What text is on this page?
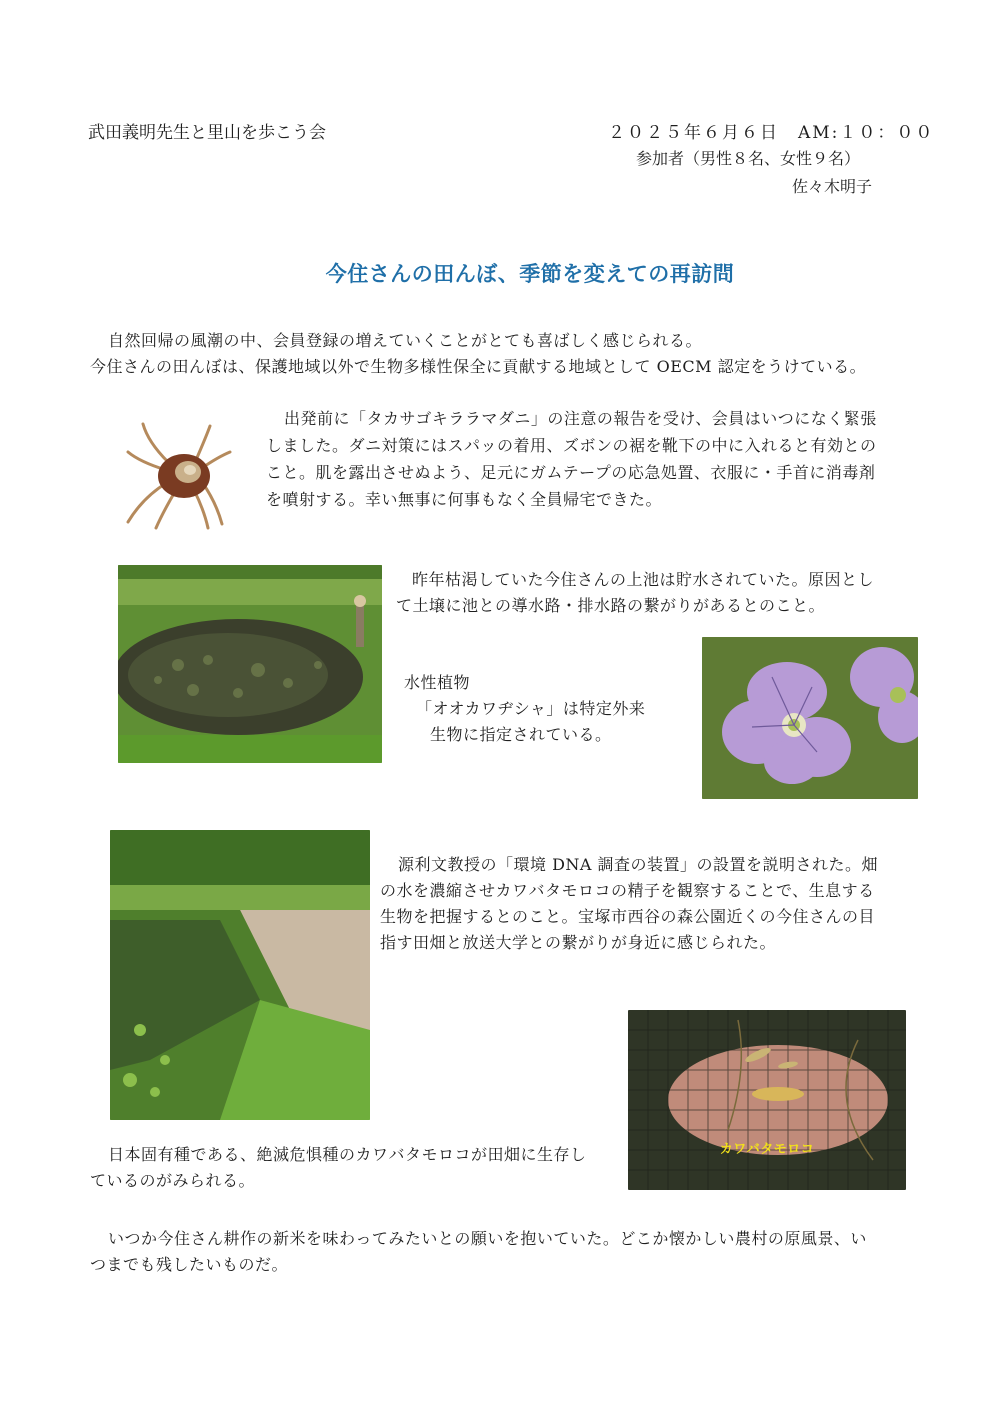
武田義明先生と里山を歩こう会	２０２５年６月６日　AM:１０：００
参加者（男性８名、女性９名）
佐々木明子
今住さんの田んぼ、季節を変えての再訪問
自然回帰の風潮の中、会員登録の増えていくことがとても喜ばしく感じられる。
今住さんの田んぼは、保護地域以外で生物多様性保全に貢献する地域として OECM 認定をうけている。
出発前に「タカサゴキララマダニ」の注意の報告を受け、会員はいつになく緊張
しました。ダニ対策にはスパッの着用、ズボンの裾を靴下の中に入れると有効との
こと。肌を露出させぬよう、足元にガムテープの応急処置、衣服に・手首に消毒剤
を噴射する。幸い無事に何事もなく全員帰宅できた。
昨年枯渇していた今住さんの上池は貯水されていた。原因とし
て土壌に池との導水路・排水路の繋がりがあるとのこと。
水性植物
「オオカワヂシャ」は特定外来
生物に指定されている。
源利文教授の「環境 DNA 調査の装置」の設置を説明された。畑
の水を濃縮させカワバタモロコの精子を観察することで、生息する
生物を把握するとのこと。宝塚市西谷の森公園近くの今住さんの目
指す田畑と放送大学との繋がりが身近に感じられた。
カワバタモロコ
日本固有種である、絶滅危惧種のカワバタモロコが田畑に生存し
ているのがみられる。
いつか今住さん耕作の新米を味わってみたいとの願いを抱いていた。どこか懐かしい農村の原風景、い
つまでも残したいものだ。
